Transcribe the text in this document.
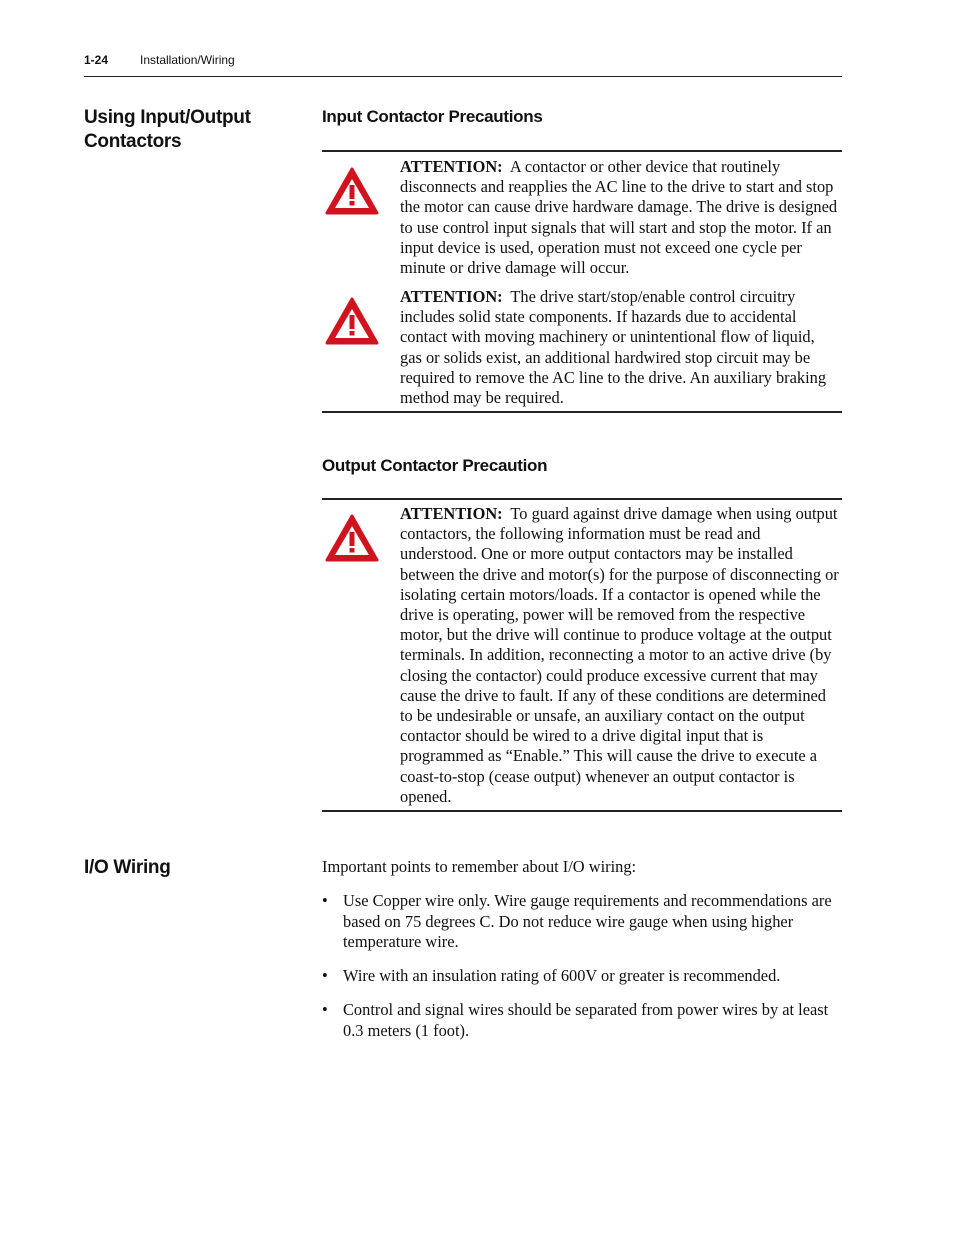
1-24	Installation/Wiring
Using Input/Output Contactors
Input Contactor Precautions
ATTENTION: A contactor or other device that routinely disconnects and reapplies the AC line to the drive to start and stop the motor can cause drive hardware damage. The drive is designed to use control input signals that will start and stop the motor. If an input device is used, operation must not exceed one cycle per minute or drive damage will occur.
ATTENTION: The drive start/stop/enable control circuitry includes solid state components. If hazards due to accidental contact with moving machinery or unintentional flow of liquid, gas or solids exist, an additional hardwired stop circuit may be required to remove the AC line to the drive. An auxiliary braking method may be required.
Output Contactor Precaution
ATTENTION: To guard against drive damage when using output contactors, the following information must be read and understood. One or more output contactors may be installed between the drive and motor(s) for the purpose of disconnecting or isolating certain motors/loads. If a contactor is opened while the drive is operating, power will be removed from the respective motor, but the drive will continue to produce voltage at the output terminals. In addition, reconnecting a motor to an active drive (by closing the contactor) could produce excessive current that may cause the drive to fault. If any of these conditions are determined to be undesirable or unsafe, an auxiliary contact on the output contactor should be wired to a drive digital input that is programmed as “Enable.” This will cause the drive to execute a coast-to-stop (cease output) whenever an output contactor is opened.
I/O Wiring	Important points to remember about I/O wiring:
• Use Copper wire only. Wire gauge requirements and recommendations are based on 75 degrees C. Do not reduce wire gauge when using higher temperature wire.
• Wire with an insulation rating of 600V or greater is recommended.
• Control and signal wires should be separated from power wires by at least 0.3 meters (1 foot).
